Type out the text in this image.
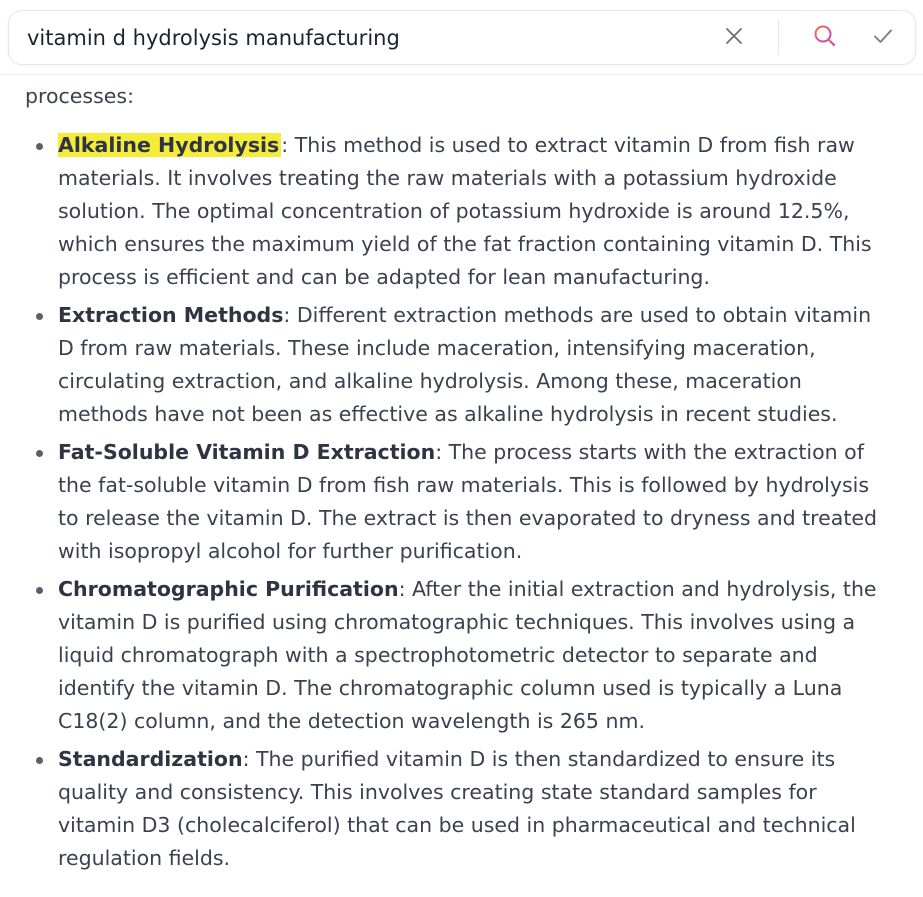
vitamin d hydrolysis manufacturing

processes:

Alkaline Hydrolysis: This method is used to extract vitamin D from fish raw materials. It involves treating the raw materials with a potassium hydroxide solution. The optimal concentration of potassium hydroxide is around 12.5%, which ensures the maximum yield of the fat fraction containing vitamin D. This process is efficient and can be adapted for lean manufacturing.
Extraction Methods: Different extraction methods are used to obtain vitamin D from raw materials. These include maceration, intensifying maceration, circulating extraction, and alkaline hydrolysis. Among these, maceration methods have not been as effective as alkaline hydrolysis in recent studies.
Fat-Soluble Vitamin D Extraction: The process starts with the extraction of the fat-soluble vitamin D from fish raw materials. This is followed by hydrolysis to release the vitamin D. The extract is then evaporated to dryness and treated with isopropyl alcohol for further purification.
Chromatographic Purification: After the initial extraction and hydrolysis, the vitamin D is purified using chromatographic techniques. This involves using a liquid chromatograph with a spectrophotometric detector to separate and identify the vitamin D. The chromatographic column used is typically a Luna C18(2) column, and the detection wavelength is 265 nm.
Standardization: The purified vitamin D is then standardized to ensure its quality and consistency. This involves creating state standard samples for vitamin D3 (cholecalciferol) that can be used in pharmaceutical and technical regulation fields.
